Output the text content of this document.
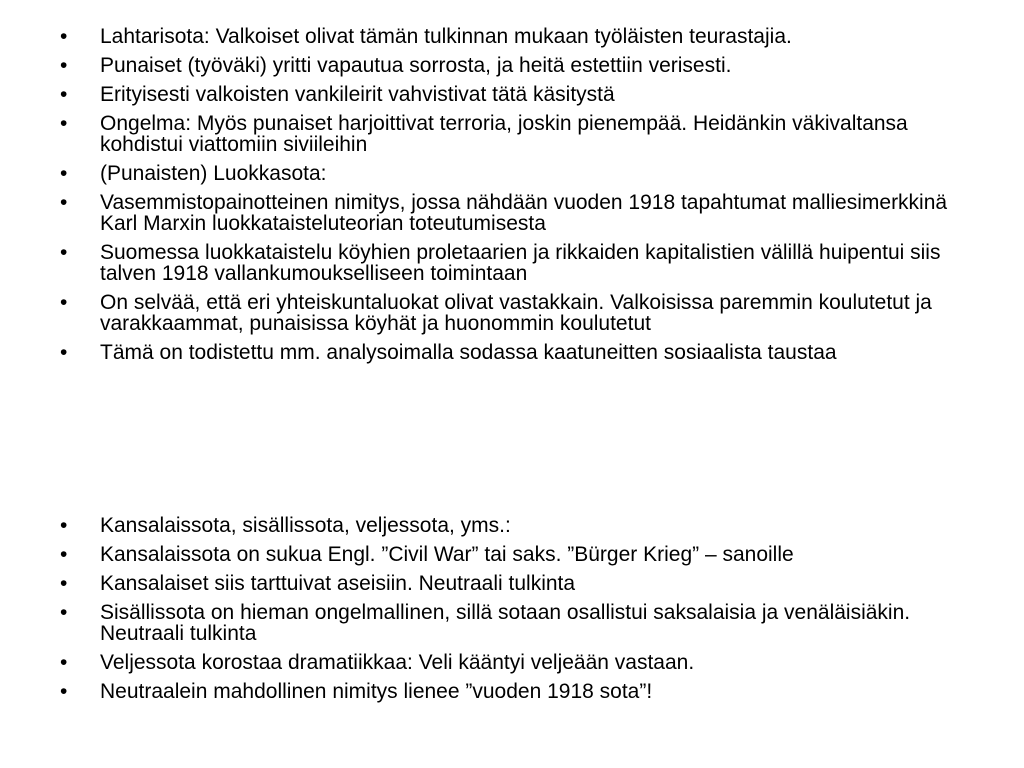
•	Lahtarisota: Valkoiset olivat tämän tulkinnan mukaan työläisten teurastajia.
•	Punaiset (työväki) yritti vapautua sorrosta, ja heitä estettiin verisesti.
•	Erityisesti valkoisten vankileirit vahvistivat tätä käsitystä
•	Ongelma: Myös punaiset harjoittivat terroria, joskin pienempää. Heidänkin väkivaltansa kohdistui viattomiin siviileihin
•	(Punaisten) Luokkasota:
•	Vasemmistopainotteinen nimitys, jossa nähdään vuoden 1918 tapahtumat malliesimerkkinä Karl Marxin luokkataisteluteorian toteutumisesta
•	Suomessa luokkataistelu köyhien proletaarien ja rikkaiden kapitalistien välillä huipentui siis talven 1918 vallankumoukselliseen toimintaan
•	On selvää, että eri yhteiskuntaluokat olivat vastakkain. Valkoisissa paremmin koulutetut ja varakkaammat, punaisissa köyhät ja huonommin koulutetut
•	Tämä on todistettu mm. analysoimalla sodassa kaatuneitten sosiaalista taustaa
•	Kansalaissota, sisällissota, veljessota, yms.:
•	Kansalaissota on sukua Engl. ”Civil War” tai saks. ”Bürger Krieg” – sanoille
•	Kansalaiset siis tarttuivat aseisiin. Neutraali tulkinta
•	Sisällissota on hieman ongelmallinen, sillä sotaan osallistui saksalaisia ja venäläisiäkin. Neutraali tulkinta
•	Veljessota korostaa dramatiikkaa: Veli kääntyi veljeään vastaan.
•	Neutraalein mahdollinen nimitys lienee ”vuoden 1918 sota”!
